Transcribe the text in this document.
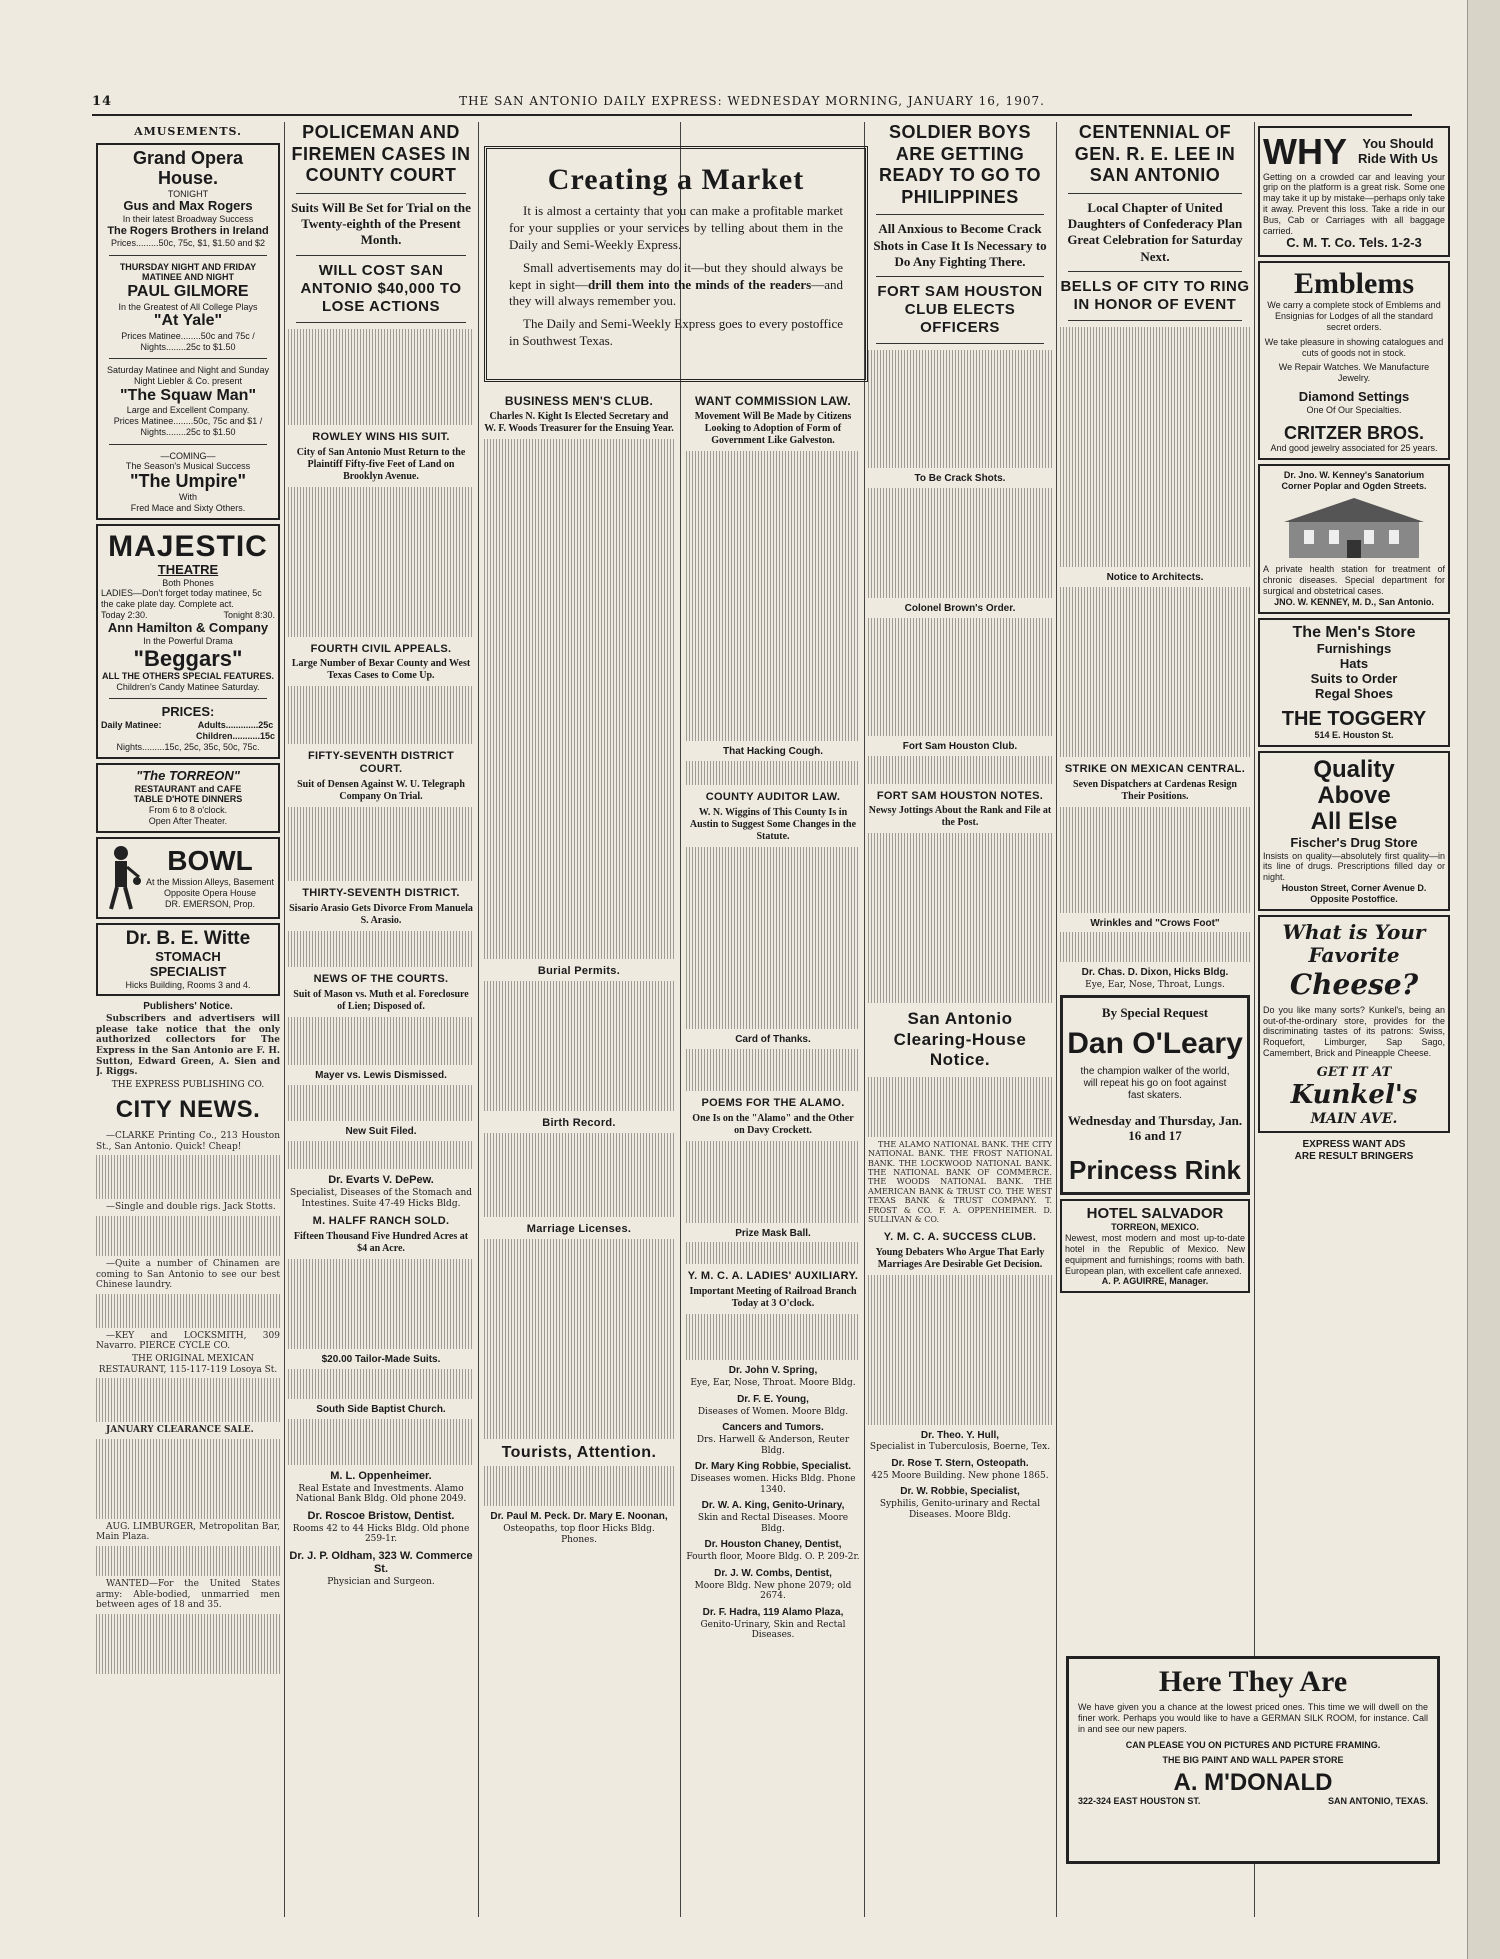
14	THE SAN ANTONIO DAILY EXPRESS: WEDNESDAY MORNING, JANUARY 16, 1907.
AMUSEMENTS.
Grand Opera House.
TONIGHT
Gus and Max Rogers
In their latest Broadway Success
The Rogers Brothers in Ireland
Prices.........50c, 75c, $1, $1.50 and $2
THURSDAY NIGHT AND FRIDAY MATINEE AND NIGHT
PAUL GILMORE
In the Greatest of All College Plays
"At Yale"
Prices Matinee........50c and 75c / Nights........25c to $1.50
Saturday Matinee and Night and Sunday Night Liebler & Co. present
"The Squaw Man"
Large and Excellent Company.
Prices Matinee........50c, 75c and $1 / Nights........25c to $1.50
—COMING—
The Season's Musical Success
"The Umpire"
With
Fred Mace and Sixty Others.
MAJESTIC
THEATRE
Both Phones
LADIES—Don't forget today matinee, 5c the cake plate day. Complete act.
Today 2:30.	Tonight 8:30.
Ann Hamilton & Company
In the Powerful Drama
"Beggars"
ALL THE OTHERS SPECIAL FEATURES.
Children's Candy Matinee Saturday.
PRICES:
Daily Matinee:	Adults.............25c
Children...........15c
Nights.........15c, 25c, 35c, 50c, 75c.
"The TORREON"
RESTAURANT and CAFE
TABLE D'HOTE DINNERS
From 6 to 8 o'clock.
Open After Theater.
BOWL
At the Mission Alleys, Basement Opposite Opera House
DR. EMERSON, Prop.
Dr. B. E. Witte
STOMACH
SPECIALIST
Hicks Building, Rooms 3 and 4.
Publishers' Notice.
Subscribers and advertisers will please take notice that the only authorized collectors for The Express in the San Antonio are F. H. Sutton, Edward Green, A. Sien and J. Riggs.
THE EXPRESS PUBLISHING CO.
CITY NEWS.
—CLARKE Printing Co., 213 Houston St., San Antonio. Quick! Cheap!
—Single and double rigs. Jack Stotts.
—Quite a number of Chinamen are coming to San Antonio to see our best Chinese laundry.
—KEY and LOCKSMITH, 309 Navarro. PIERCE CYCLE CO.
THE ORIGINAL MEXICAN RESTAURANT, 115-117-119 Losoya St.
JANUARY CLEARANCE SALE.
AUG. LIMBURGER, Metropolitan Bar, Main Plaza.
WANTED—For the United States army: Able-bodied, unmarried men between ages of 18 and 35.
POLICEMAN AND FIREMEN CASES IN COUNTY COURT
Suits Will Be Set for Trial on the Twenty-eighth of the Present Month.
WILL COST SAN ANTONIO $40,000 TO LOSE ACTIONS
ROWLEY WINS HIS SUIT.
City of San Antonio Must Return to the Plaintiff Fifty-five Feet of Land on Brooklyn Avenue.
FOURTH CIVIL APPEALS.
Large Number of Bexar County and West Texas Cases to Come Up.
FIFTY-SEVENTH DISTRICT COURT.
Suit of Densen Against W. U. Telegraph Company On Trial.
THIRTY-SEVENTH DISTRICT.
Sisario Arasio Gets Divorce From Manuela S. Arasio.
NEWS OF THE COURTS.
Suit of Mason vs. Muth et al. Foreclosure of Lien; Disposed of.
Mayer vs. Lewis Dismissed.
New Suit Filed.
Dr. Evarts V. DePew.
Specialist, Diseases of the Stomach and Intestines. Suite 47-49 Hicks Bldg.
M. HALFF RANCH SOLD.
Fifteen Thousand Five Hundred Acres at $4 an Acre.
$20.00 Tailor-Made Suits.
South Side Baptist Church.
M. L. Oppenheimer.
Real Estate and Investments. Alamo National Bank Bldg. Old phone 2049.
Dr. Roscoe Bristow, Dentist.
Rooms 42 to 44 Hicks Bldg. Old phone 259-1r.
Dr. J. P. Oldham, 323 W. Commerce St.
Physician and Surgeon.
Creating a Market

It is almost a certainty that you can make a profitable market for your supplies or your services by telling about them in the Daily and Semi-Weekly Express.

Small advertisements may do it—but they should always be kept in sight—drill them into the minds of the readers—and they will always remember you.

The Daily and Semi-Weekly Express goes to every postoffice in Southwest Texas.

BUSINESS MEN'S CLUB.
Charles N. Kight Is Elected Secretary and W. F. Woods Treasurer for the Ensuing Year.
Burial Permits.
Birth Record.
Marriage Licenses.
Tourists, Attention.
Dr. Paul M. Peck. Dr. Mary E. Noonan,
Osteopaths, top floor Hicks Bldg. Phones.
WANT COMMISSION LAW.
Movement Will Be Made by Citizens Looking to Adoption of Form of Government Like Galveston.
That Hacking Cough.
COUNTY AUDITOR LAW.
W. N. Wiggins of This County Is in Austin to Suggest Some Changes in the Statute.
Card of Thanks.
POEMS FOR THE ALAMO.
One Is on the "Alamo" and the Other on Davy Crockett.
Prize Mask Ball.
Y. M. C. A. LADIES' AUXILIARY.
Important Meeting of Railroad Branch Today at 3 O'clock.
Dr. John V. Spring,
Eye, Ear, Nose, Throat. Moore Bldg.
Dr. F. E. Young,
Diseases of Women. Moore Bldg.
Cancers and Tumors.
Drs. Harwell & Anderson, Reuter Bldg.
Dr. Mary King Robbie, Specialist.
Diseases women. Hicks Bldg. Phone 1340.
Dr. W. A. King, Genito-Urinary,
Skin and Rectal Diseases. Moore Bldg.
Dr. Houston Chaney, Dentist,
Fourth floor, Moore Bldg. O. P. 209-2r.
Dr. J. W. Combs, Dentist,
Moore Bldg. New phone 2079; old 2674.
Dr. F. Hadra, 119 Alamo Plaza,
Genito-Urinary, Skin and Rectal Diseases.
SOLDIER BOYS ARE GETTING READY TO GO TO PHILIPPINES
All Anxious to Become Crack Shots in Case It Is Necessary to Do Any Fighting There.
FORT SAM HOUSTON CLUB ELECTS OFFICERS
To Be Crack Shots.
Colonel Brown's Order.
Fort Sam Houston Club.
FORT SAM HOUSTON NOTES.
Newsy Jottings About the Rank and File at the Post.
San Antonio Clearing-House Notice.
THE ALAMO NATIONAL BANK. THE CITY NATIONAL BANK. THE FROST NATIONAL BANK. THE LOCKWOOD NATIONAL BANK. THE NATIONAL BANK OF COMMERCE. THE WOODS NATIONAL BANK. THE AMERICAN BANK & TRUST CO. THE WEST TEXAS BANK & TRUST COMPANY. T. FROST & CO. F. A. OPPENHEIMER. D. SULLIVAN & CO.
Y. M. C. A. SUCCESS CLUB.
Young Debaters Who Argue That Early Marriages Are Desirable Get Decision.
Dr. Theo. Y. Hull,
Specialist in Tuberculosis, Boerne, Tex.
Dr. Rose T. Stern, Osteopath.
425 Moore Building. New phone 1865.
Dr. W. Robbie, Specialist,
Syphilis, Genito-urinary and Rectal Diseases. Moore Bldg.
CENTENNIAL OF GEN. R. E. LEE IN SAN ANTONIO
Local Chapter of United Daughters of Confederacy Plan Great Celebration for Saturday Next.
BELLS OF CITY TO RING IN HONOR OF EVENT
Notice to Architects.
STRIKE ON MEXICAN CENTRAL.
Seven Dispatchers at Cardenas Resign Their Positions.
Wrinkles and "Crows Foot"
Dr. Chas. D. Dixon, Hicks Bldg.
Eye, Ear, Nose, Throat, Lungs.
By Special Request
Dan O'Leary
the champion walker of the world, will repeat his go on foot against fast skaters.
Wednesday and Thursday, Jan. 16 and 17
Princess Rink
HOTEL SALVADOR
TORREON, MEXICO.
Newest, most modern and most up-to-date hotel in the Republic of Mexico. New equipment and furnishings; rooms with bath. European plan, with excellent cafe annexed.
A. P. AGUIRRE, Manager.
WHY	You Should Ride With Us
Getting on a crowded car and leaving your grip on the platform is a great risk. Some one may take it up by mistake—perhaps only take it away. Prevent this loss. Take a ride in our Bus, Cab or Carriages with all baggage carried.
C. M. T. Co. Tels. 1-2-3
Emblems
We carry a complete stock of Emblems and Ensignias for Lodges of all the standard secret orders.
We take pleasure in showing catalogues and cuts of goods not in stock.
We Repair Watches. We Manufacture Jewelry.
Diamond Settings
One Of Our Specialties.
CRITZER BROS.
And good jewelry associated for 25 years.
Dr. Jno. W. Kenney's Sanatorium
Corner Poplar and Ogden Streets.
A private health station for treatment of chronic diseases. Special department for surgical and obstetrical cases.
JNO. W. KENNEY, M. D., San Antonio.
The Men's Store
Furnishings
Hats
Suits to Order
Regal Shoes
THE TOGGERY
514 E. Houston St.
Quality
Above
All Else
Fischer's Drug Store
Insists on quality—absolutely first quality—in its line of drugs. Prescriptions filled day or night.
Houston Street, Corner Avenue D. Opposite Postoffice.
What is Your
Favorite
Cheese?
Do you like many sorts? Kunkel's, being an out-of-the-ordinary store, provides for the discriminating tastes of its patrons: Swiss, Roquefort, Limburger, Sap Sago, Camembert, Brick and Pineapple Cheese.
GET IT AT
Kunkel's
MAIN AVE.
EXPRESS WANT ADS
ARE RESULT BRINGERS
Here They Are
We have given you a chance at the lowest priced ones. This time we will dwell on the finer work. Perhaps you would like to have a GERMAN SILK ROOM, for instance. Call in and see our new papers.
CAN PLEASE YOU ON PICTURES AND PICTURE FRAMING.
THE BIG PAINT AND WALL PAPER STORE
A. M'DONALD
322-324 EAST HOUSTON ST.	SAN ANTONIO, TEXAS.
